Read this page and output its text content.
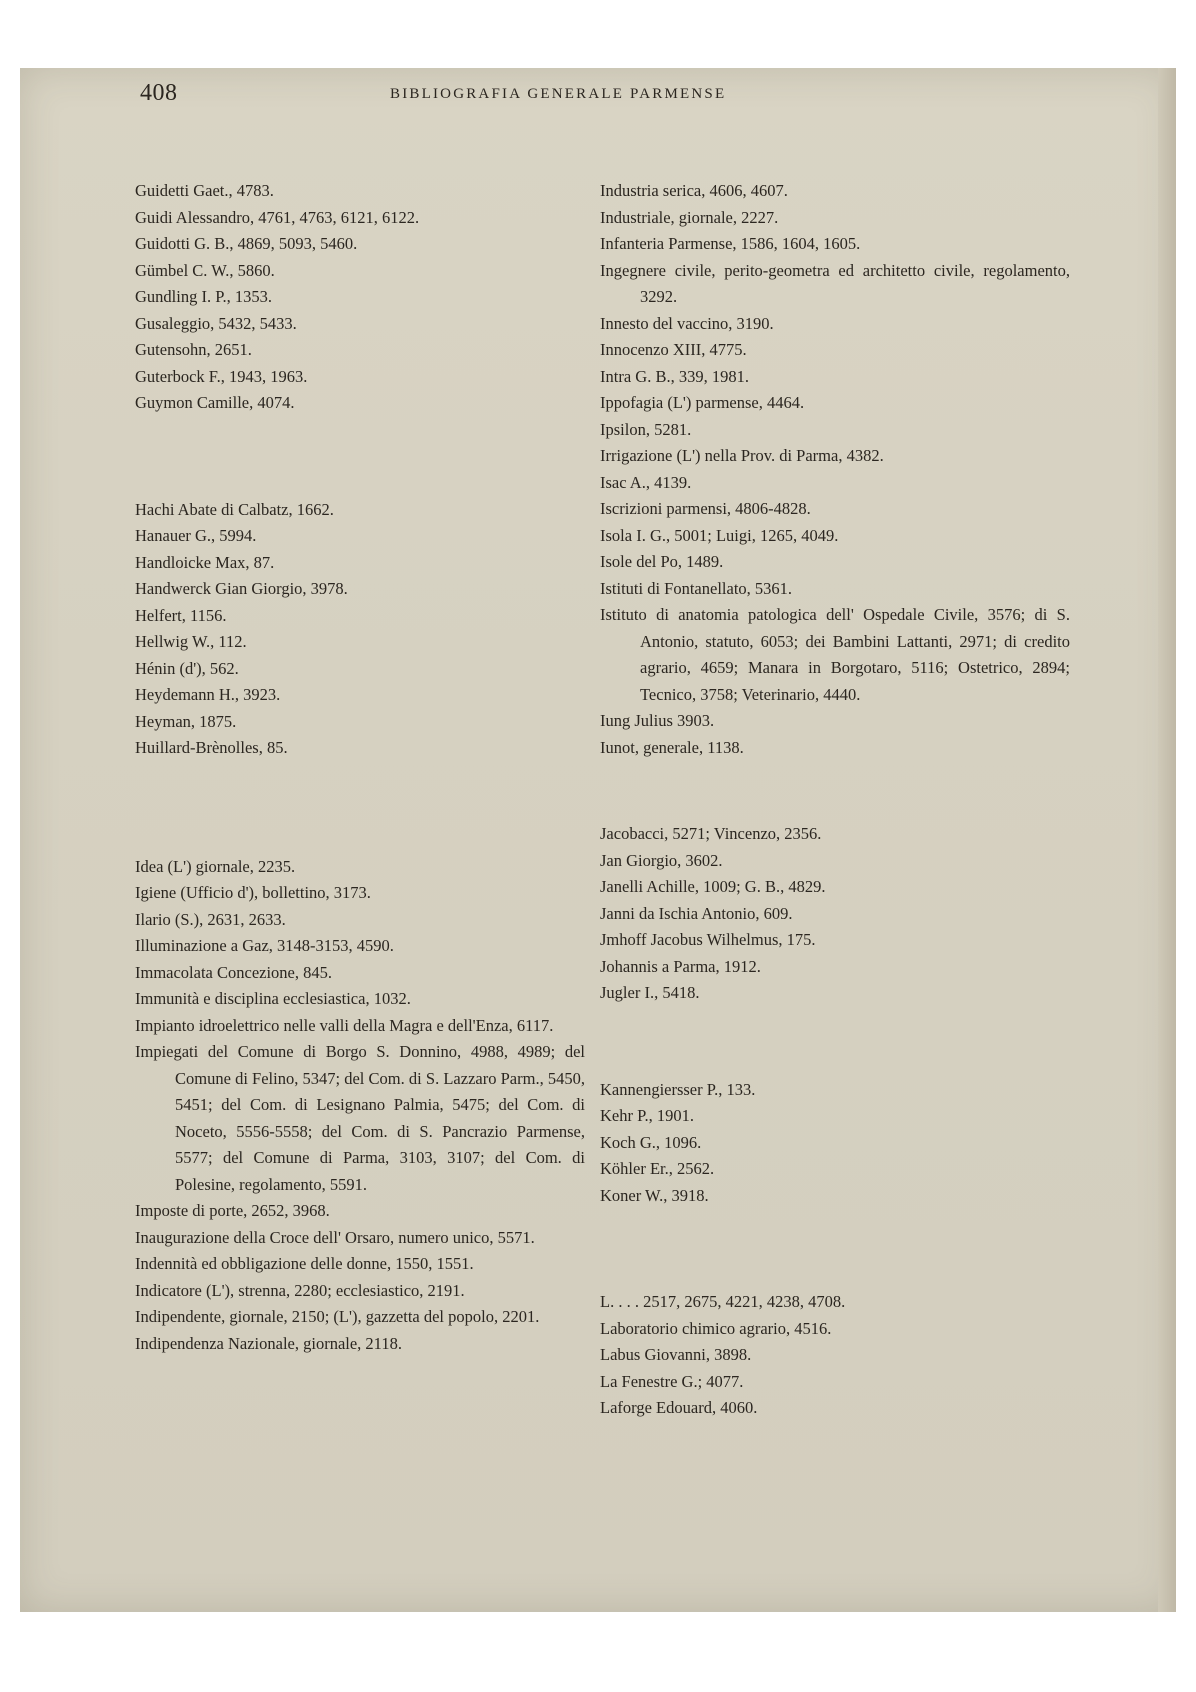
408	BIBLIOGRAFIA GENERALE PARMENSE
Guidetti Gaet., 4783.
Guidi Alessandro, 4761, 4763, 6121, 6122.
Guidotti G. B., 4869, 5093, 5460.
Gümbel C. W., 5860.
Gundling I. P., 1353.
Gusaleggio, 5432, 5433.
Gutensohn, 2651.
Guterbock F., 1943, 1963.
Guymon Camille, 4074.
Hachi Abate di Calbatz, 1662.
Hanauer G., 5994.
Handloicke Max, 87.
Handwerck Gian Giorgio, 3978.
Helfert, 1156.
Hellwig W., 112.
Hénin (d'), 562.
Heydemann H., 3923.
Heyman, 1875.
Huillard-Brènolles, 85.
Idea (L') giornale, 2235.
Igiene (Ufficio d'), bollettino, 3173.
Ilario (S.), 2631, 2633.
Illuminazione a Gaz, 3148-3153, 4590.
Immacolata Concezione, 845.
Immunità e disciplina ecclesiastica, 1032.
Impianto idroelettrico nelle valli della Magra e dell'Enza, 6117.
Impiegati del Comune di Borgo S. Donnino, 4988, 4989; del Comune di Felino, 5347; del Com. di S. Lazzaro Parm., 5450, 5451; del Com. di Lesignano Palmia, 5475; del Com. di Noceto, 5556-5558; del Com. di S. Pancrazio Parmense, 5577; del Comune di Parma, 3103, 3107; del Com. di Polesine, regolamento, 5591.
Imposte di porte, 2652, 3968.
Inaugurazione della Croce dell' Orsaro, numero unico, 5571.
Indennità ed obbligazione delle donne, 1550, 1551.
Indicatore (L'), strenna, 2280; ecclesiastico, 2191.
Indipendente, giornale, 2150; (L'), gazzetta del popolo, 2201.
Indipendenza Nazionale, giornale, 2118.
Industria serica, 4606, 4607.
Industriale, giornale, 2227.
Infanteria Parmense, 1586, 1604, 1605.
Ingegnere civile, perito-geometra ed architetto civile, regolamento, 3292.
Innesto del vaccino, 3190.
Innocenzo XIII, 4775.
Intra G. B., 339, 1981.
Ippofagia (L') parmense, 4464.
Ipsilon, 5281.
Irrigazione (L') nella Prov. di Parma, 4382.
Isac A., 4139.
Iscrizioni parmensi, 4806-4828.
Isola I. G., 5001; Luigi, 1265, 4049.
Isole del Po, 1489.
Istituti di Fontanellato, 5361.
Istituto di anatomia patologica dell' Ospedale Civile, 3576; di S. Antonio, statuto, 6053; dei Bambini Lattanti, 2971; di credito agrario, 4659; Manara in Borgotaro, 5116; Ostetrico, 2894; Tecnico, 3758; Veterinario, 4440.
Iung Julius 3903.
Iunot, generale, 1138.
Jacobacci, 5271; Vincenzo, 2356.
Jan Giorgio, 3602.
Janelli Achille, 1009; G. B., 4829.
Janni da Ischia Antonio, 609.
Jmhoff Jacobus Wilhelmus, 175.
Johannis a Parma, 1912.
Jugler I., 5418.
Kannengiersser P., 133.
Kehr P., 1901.
Koch G., 1096.
Köhler Er., 2562.
Koner W., 3918.
L. . . . 2517, 2675, 4221, 4238, 4708.
Laboratorio chimico agrario, 4516.
Labus Giovanni, 3898.
La Fenestre G.; 4077.
Laforge Edouard, 4060.
